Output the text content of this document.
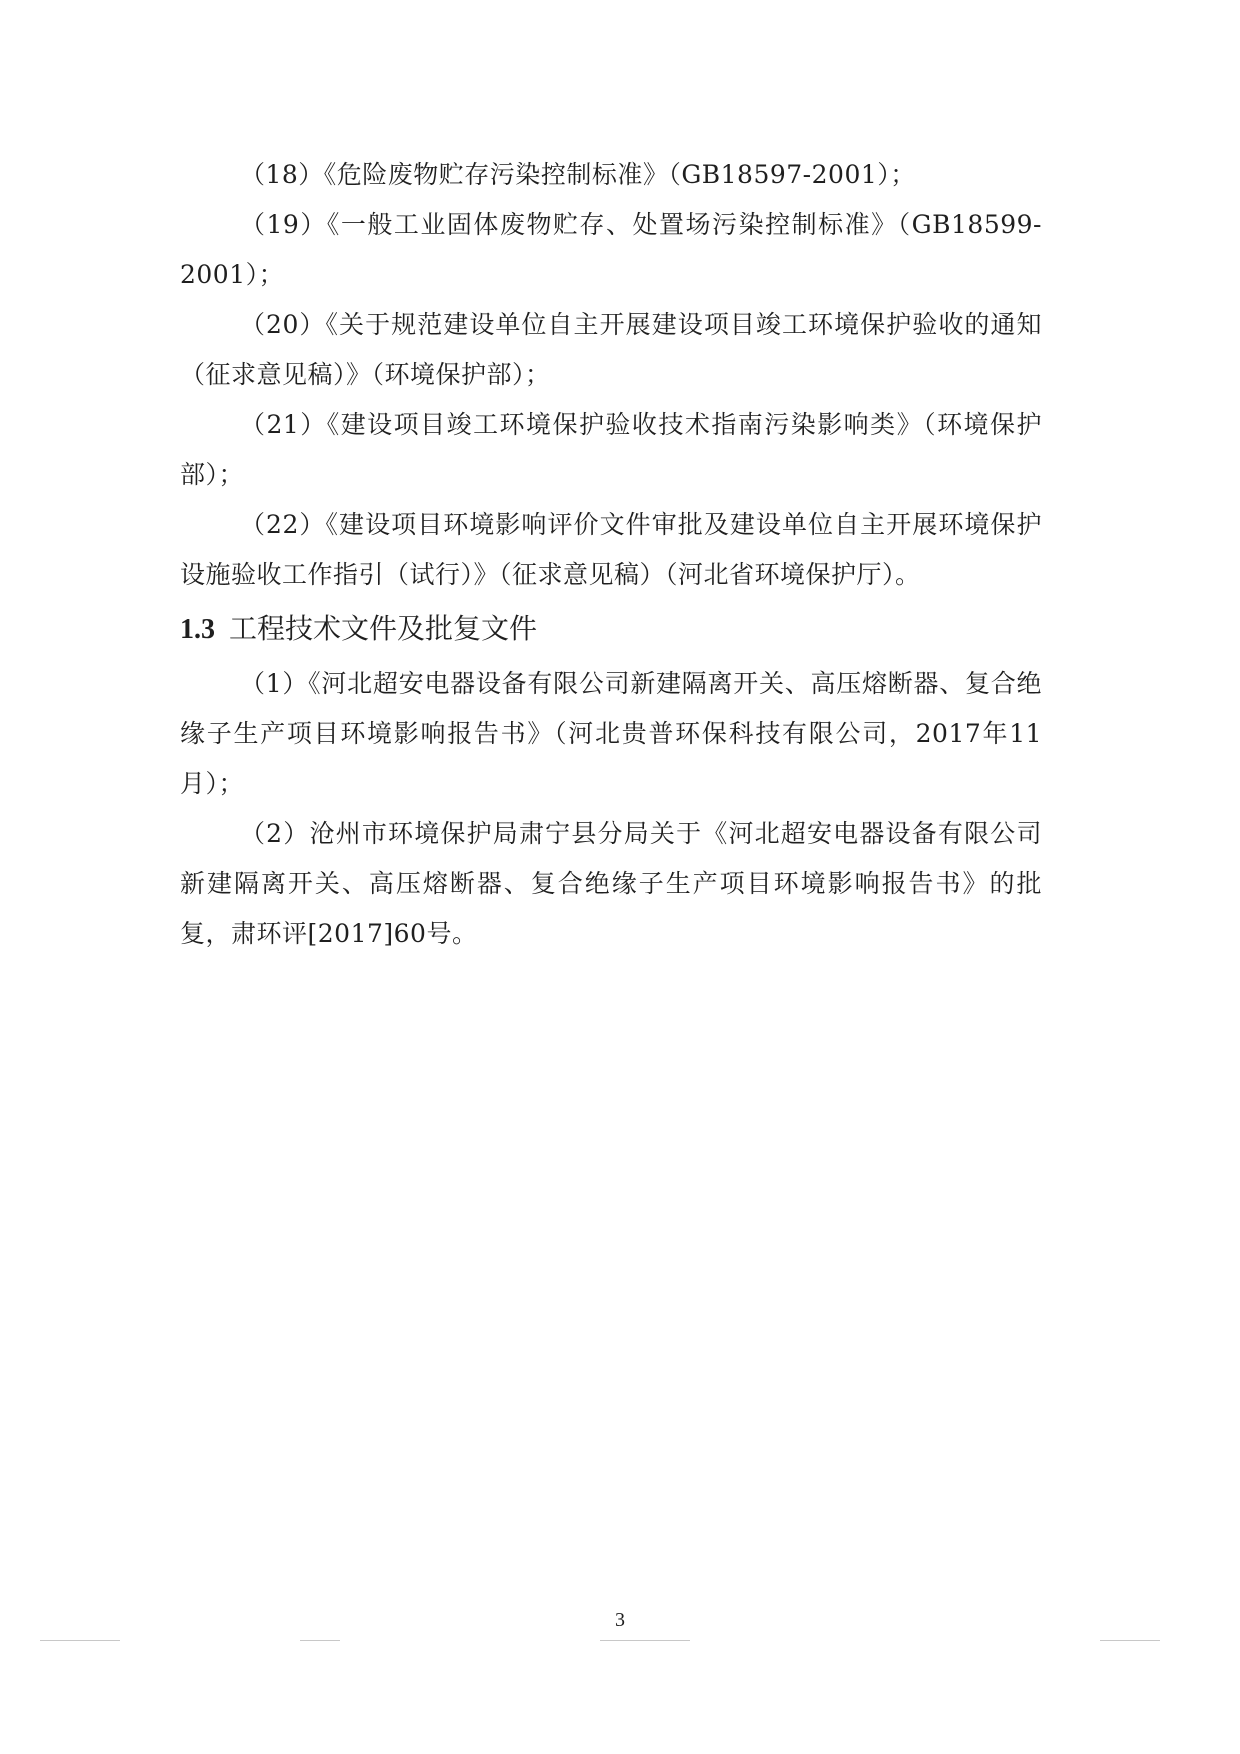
（18）《危险废物贮存污染控制标准》（GB18597-2001）；

（19）《一般工业固体废物贮存、处置场污染控制标准》（GB18599-2001）；

（20）《关于规范建设单位自主开展建设项目竣工环境保护验收的通知（征求意见稿）》（环境保护部）；

（21）《建设项目竣工环境保护验收技术指南污染影响类》（环境保护部）；

（22）《建设项目环境影响评价文件审批及建设单位自主开展环境保护设施验收工作指引（试行）》（征求意见稿）（河北省环境保护厅）。

1.3 工程技术文件及批复文件

（1）《河北超安电器设备有限公司新建隔离开关、高压熔断器、复合绝缘子生产项目环境影响报告书》（河北贵普环保科技有限公司，2017年11月）；

（2）沧州市环境保护局肃宁县分局关于《河北超安电器设备有限公司新建隔离开关、高压熔断器、复合绝缘子生产项目环境影响报告书》的批复，肃环评[2017]60号。

3
